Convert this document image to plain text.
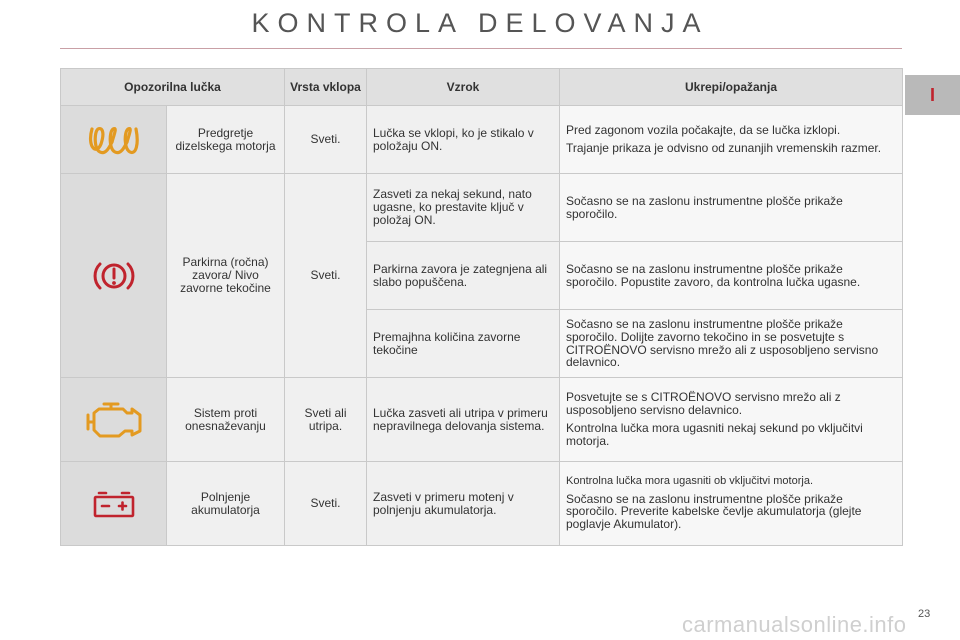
KONTROLA DELOVANJA
I
Opozorilna lučka		Vrsta vklopa	Vzrok	Ukrepi/opažanja

	Predgretje dizelskega motorja	Sveti.	Lučka se vklopi, ko je stikalo v položaju ON.	Pred zagonom vozila počakajte, da se lučka izklopi.

Trajanje prikaza je odvisno od zunanjih vremenskih razmer.

	Parkirna (ročna) zavora/ Nivo zavorne tekočine	Sveti.	Zasveti za nekaj sekund, nato ugasne, ko prestavite ključ v položaj ON.	Sočasno se na zaslonu instrumentne plošče prikaže sporočilo.

			Parkirna zavora je zategnjena ali slabo popuščena.	Sočasno se na zaslonu instrumentne plošče prikaže sporočilo. Popustite zavoro, da kontrolna lučka ugasne.

			Premajhna količina zavorne tekočine	Sočasno se na zaslonu instrumentne plošče prikaže sporočilo. Dolijte zavorno tekočino in se posvetujte s CITROËNOVO servisno mrežo ali z usposobljeno servisno delavnico.

	Sistem proti onesnaževanju	Sveti ali utripa.	Lučka zasveti ali utripa v primeru nepravilnega delovanja sistema.	Posvetujte se s CITROËNOVO servisno mrežo ali z usposobljeno servisno delavnico.

Kontrolna lučka mora ugasniti nekaj sekund po vključitvi motorja.

	Polnjenje akumulatorja	Sveti.	Zasveti v primeru motenj v polnjenju akumulatorja.	Kontrolna lučka mora ugasniti ob vključitvi motorja.

Sočasno se na zaslonu instrumentne plošče prikaže sporočilo. Preverite kabelske čevlje akumulatorja (glejte poglavje Akumulator).

23
carmanualsonline.info
